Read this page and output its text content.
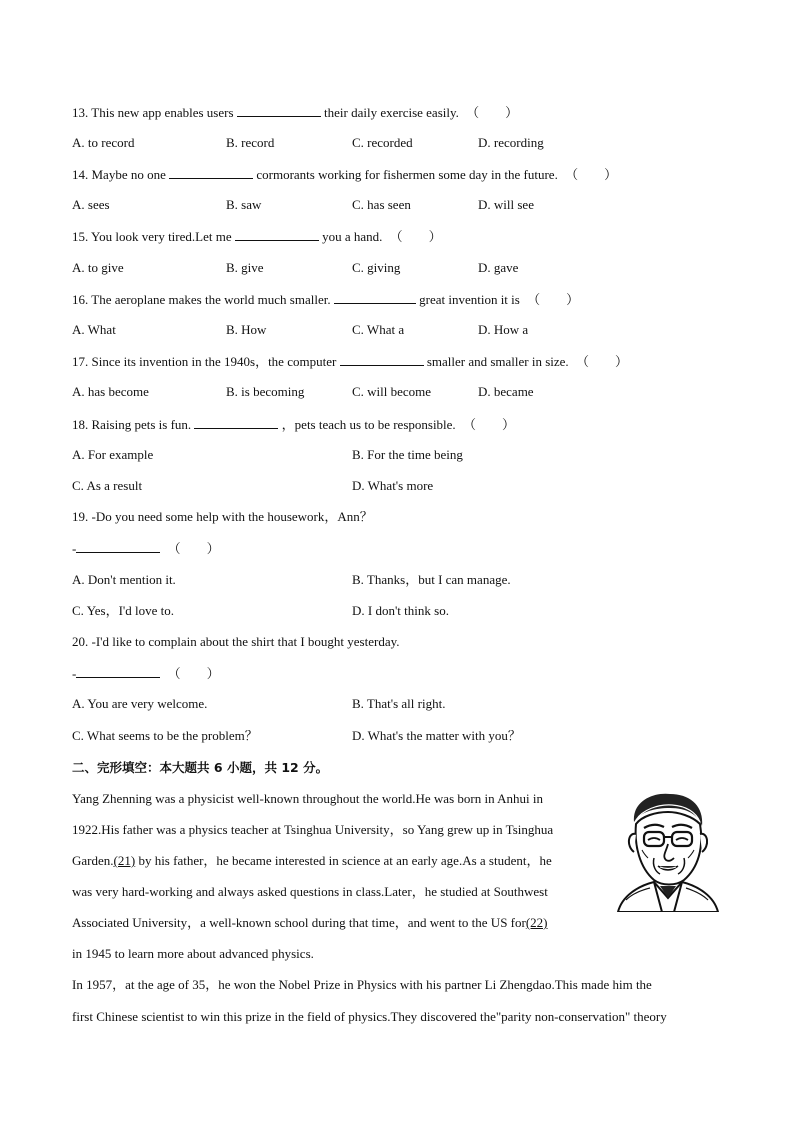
13. This new app enables users	their daily exercise easily. （　　）
A. to record	B. record	C. recorded	D. recording
14. Maybe no one	cormorants working for fishermen some day in the future. （　　）
A. sees	B. saw	C. has seen	D. will see
15. You look very tired.Let me	you a hand. （　　）
A. to give	B. give	C. giving	D. gave
16. The aeroplane makes the world much smaller.	great invention it is （　　）
A. What	B. How	C. What a	D. How a
17. Since its invention in the 1940s，the computer	smaller and smaller in size. （　　）
A. has become	B. is becoming	C. will become	D. became
18. Raising pets is fun.	，pets teach us to be responsible. （　　）
A. For example	B. For the time being
C. As a result	D. What's more
19. -Do you need some help with the housework，Ann？
-	（　　）
A. Don't mention it.	B. Thanks，but I can manage.
C. Yes，I'd love to.	D. I don't think so.
20. -I'd like to complain about the shirt that I bought yesterday.
-	（　　）
A. You are very welcome.	B. That's all right.
C. What seems to be the problem？	D. What's the matter with you？
二、完形填空：本大题共 6 小题，共 12 分。
Yang Zhenning was a physicist well-known throughout the world.He was born in Anhui in
1922.His father was a physics teacher at Tsinghua University，so Yang grew up in Tsinghua
Garden.(21) by his father，he became interested in science at an early age.As a student，he
was very hard-working and always asked questions in class.Later，he studied at Southwest
Associated University，a well-known school during that time，and went to the US for(22)
in 1945 to learn more about advanced physics.
In 1957，at the age of 35，he won the Nobel Prize in Physics with his partner Li Zhengdao.This made him the
first Chinese scientist to win this prize in the field of physics.They discovered the"parity non-conservation" theory
